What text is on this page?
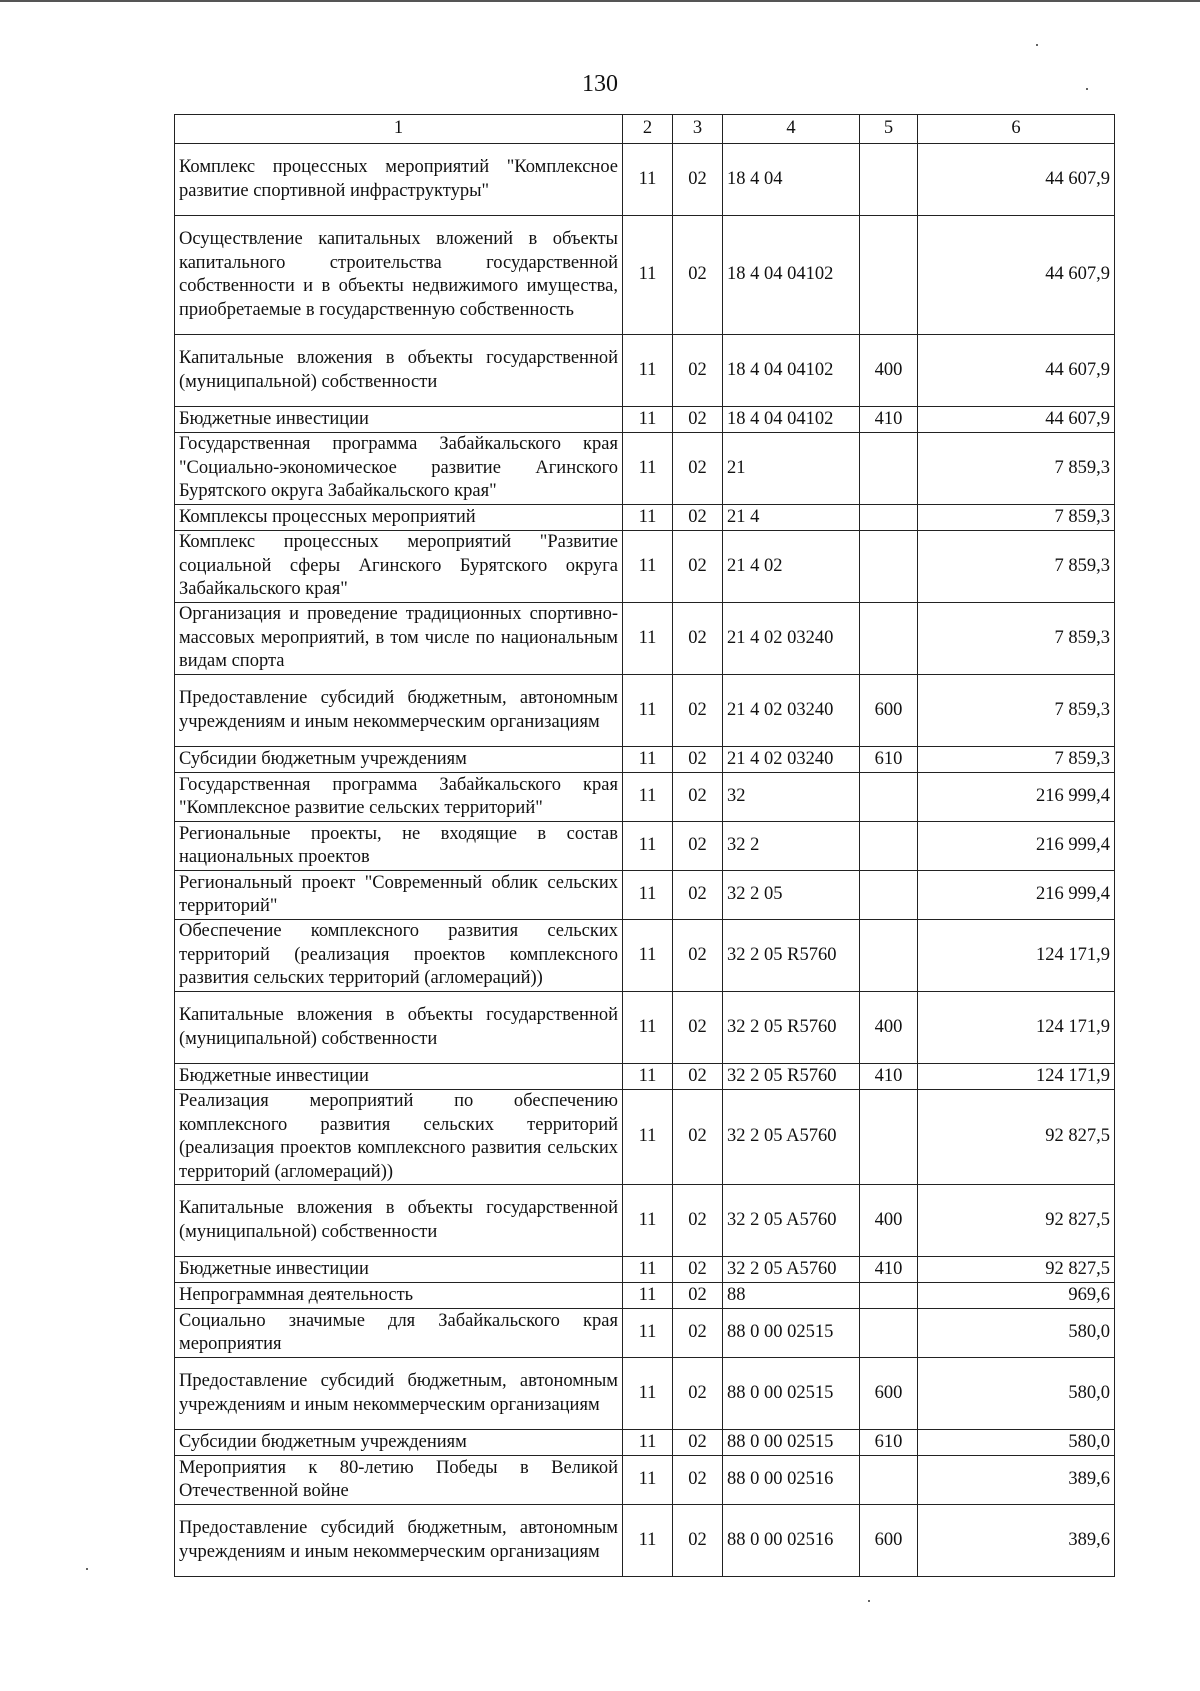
130
1	2	3	4	5	6
Комплекс процессных мероприятий "Комплексное развитие спортивной инфраструктуры"	11	02	18 4 04		44 607,9
Осуществление капитальных вложений в объекты капитального строительства государственной собственности и в объекты недвижимого имущества, приобретаемые в государственную собственность	11	02	18 4 04 04102		44 607,9
Капитальные вложения в объекты государственной (муниципальной) собственности	11	02	18 4 04 04102	400	44 607,9
Бюджетные инвестиции	11	02	18 4 04 04102	410	44 607,9
Государственная программа Забайкальского края "Социально-экономическое развитие Агинского Бурятского округа Забайкальского края"	11	02	21		7 859,3
Комплексы процессных мероприятий	11	02	21 4		7 859,3
Комплекс процессных мероприятий "Развитие социальной сферы Агинского Бурятского округа Забайкальского края"	11	02	21 4 02		7 859,3
Организация и проведение традиционных спортивно-массовых мероприятий, в том числе по национальным видам спорта	11	02	21 4 02 03240		7 859,3
Предоставление субсидий бюджетным, автономным учреждениям и иным некоммерческим организациям	11	02	21 4 02 03240	600	7 859,3
Субсидии бюджетным учреждениям	11	02	21 4 02 03240	610	7 859,3
Государственная программа Забайкальского края "Комплексное развитие сельских территорий"	11	02	32		216 999,4
Региональные проекты, не входящие в состав национальных проектов	11	02	32 2		216 999,4
Региональный проект "Современный облик сельских территорий"	11	02	32 2 05		216 999,4
Обеспечение комплексного развития сельских территорий (реализация проектов комплексного развития сельских территорий (агломераций))	11	02	32 2 05 R5760		124 171,9
Капитальные вложения в объекты государственной (муниципальной) собственности	11	02	32 2 05 R5760	400	124 171,9
Бюджетные инвестиции	11	02	32 2 05 R5760	410	124 171,9
Реализация мероприятий по обеспечению комплексного развития сельских территорий (реализация проектов комплексного развития сельских территорий (агломераций))	11	02	32 2 05 A5760		92 827,5
Капитальные вложения в объекты государственной (муниципальной) собственности	11	02	32 2 05 A5760	400	92 827,5
Бюджетные инвестиции	11	02	32 2 05 A5760	410	92 827,5
Непрограммная деятельность	11	02	88		969,6
Социально значимые для Забайкальского края мероприятия	11	02	88 0 00 02515		580,0
Предоставление субсидий бюджетным, автономным учреждениям и иным некоммерческим организациям	11	02	88 0 00 02515	600	580,0
Субсидии бюджетным учреждениям	11	02	88 0 00 02515	610	580,0
Мероприятия к 80-летию Победы в Великой Отечественной войне	11	02	88 0 00 02516		389,6
Предоставление субсидий бюджетным, автономным учреждениям и иным некоммерческим организациям	11	02	88 0 00 02516	600	389,6
